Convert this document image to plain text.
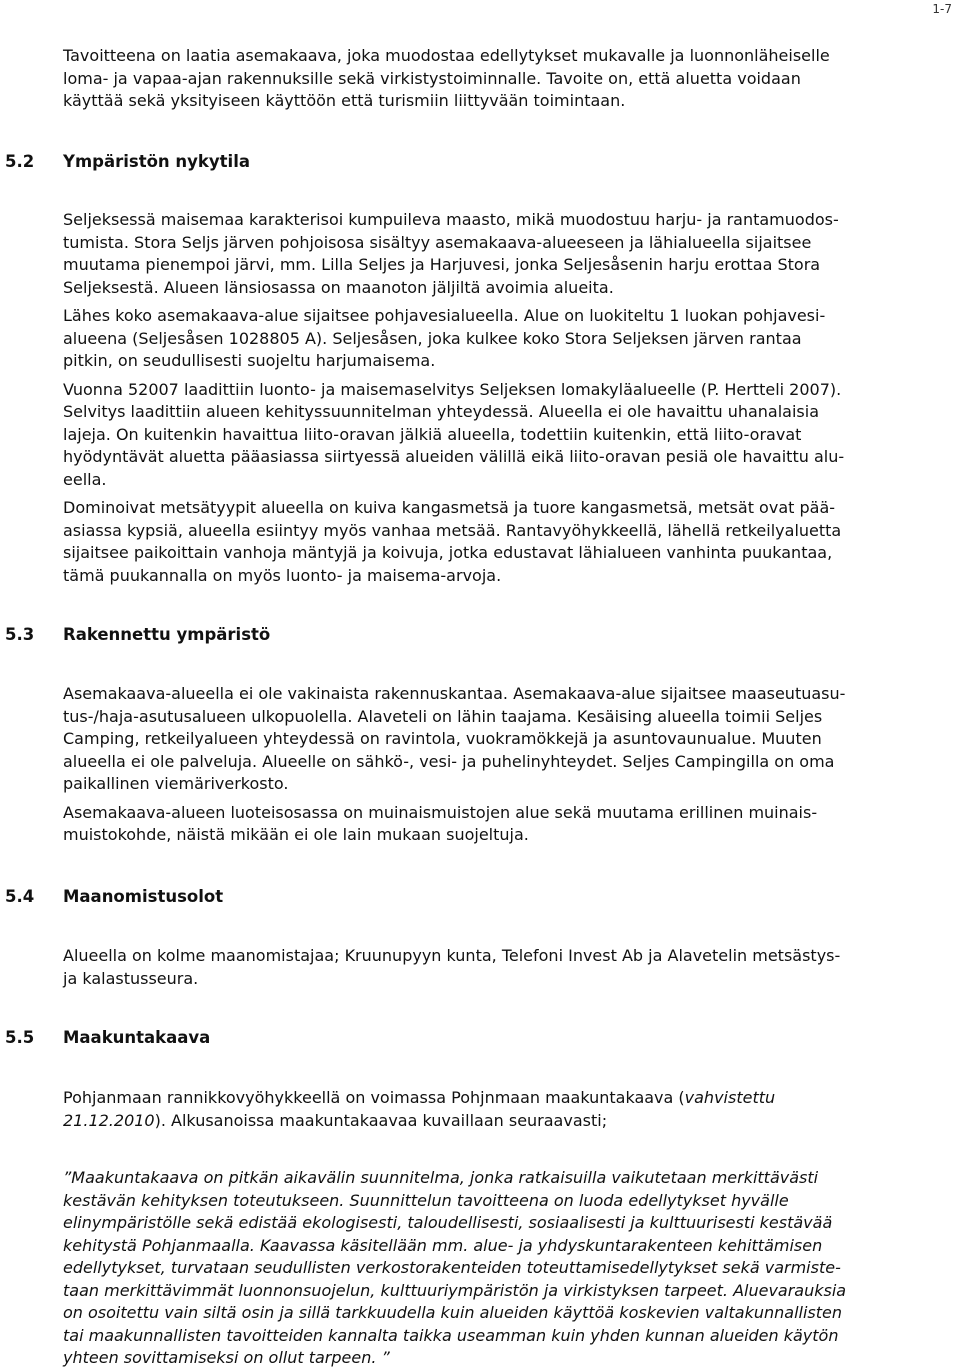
1-7

Tavoitteena on laatia asemakaava, joka muodostaa edellytykset mukavalle ja luonnonläheiselle
loma- ja vapaa-ajan rakennuksille sekä virkistystoiminnalle. Tavoite on, että aluetta voidaan
käyttää sekä yksityiseen käyttöön että turismiin liittyvään toimintaan.

5.2 Ympäristön nykytila

Seljeksessä maisemaa karakterisoi kumpuileva maasto, mikä muodostuu harju- ja rantamuodos-
tumista. Stora Seljs järven pohjoisosa sisältyy asemakaava-alueeseen ja lähialueella sijaitsee
muutama pienempoi järvi, mm. Lilla Seljes ja Harjuvesi, jonka Seljesåsenin harju erottaa Stora
Seljeksestä. Alueen länsiosassa on maanoton jäljiltä avoimia alueita.

Lähes koko asemakaava-alue sijaitsee pohjavesialueella. Alue on luokiteltu 1 luokan pohjavesi-
alueena (Seljesåsen 1028805 A). Seljesåsen, joka kulkee koko Stora Seljeksen järven rantaa
pitkin, on seudullisesti suojeltu harjumaisema.

Vuonna 52007 laadittiin luonto- ja maisemaselvitys Seljeksen lomakyläalueelle (P. Hertteli 2007).
Selvitys laadittiin alueen kehityssuunnitelman yhteydessä. Alueella ei ole havaittu uhanalaisia
lajeja. On kuitenkin havaittua liito-oravan jälkiä alueella, todettiin kuitenkin, että liito-oravat
hyödyntävät aluetta pääasiassa siirtyessä alueiden välillä eikä liito-oravan pesiä ole havaittu alu-
eella.

Dominoivat metsätyypit alueella on kuiva kangasmetsä ja tuore kangasmetsä, metsät ovat pää-
asiassa kypsiä, alueella esiintyy myös vanhaa metsää. Rantavyöhykkeellä, lähellä retkeilyaluetta
sijaitsee paikoittain vanhoja mäntyjä ja koivuja, jotka edustavat lähialueen vanhinta puukantaa,
tämä puukannalla on myös luonto- ja maisema-arvoja.

5.3 Rakennettu ympäristö

Asemakaava-alueella ei ole vakinaista rakennuskantaa. Asemakaava-alue sijaitsee maaseutuasu-
tus-/haja-asutusalueen ulkopuolella. Alaveteli on lähin taajama. Kesäising alueella toimii Seljes
Camping, retkeilyalueen yhteydessä on ravintola, vuokramökkejä ja asuntovaunualue. Muuten
alueella ei ole palveluja. Alueelle on sähkö-, vesi- ja puhelinyhteydet. Seljes Campingilla on oma
paikallinen viemäriverkosto.

Asemakaava-alueen luoteisosassa on muinaismuistojen alue sekä muutama erillinen muinais-
muistokohde, näistä mikään ei ole lain mukaan suojeltuja.

5.4 Maanomistusolot

Alueella on kolme maanomistajaa; Kruunupyyn kunta, Telefoni Invest Ab ja Alavetelin metsästys-
ja kalastusseura.

5.5 Maakuntakaava

Pohjanmaan rannikkovyöhykkeellä on voimassa Pohjnmaan maakuntakaava (vahvistettu
21.12.2010). Alkusanoissa maakuntakaavaa kuvaillaan seuraavasti;

”Maakuntakaava on pitkän aikavälin suunnitelma, jonka ratkaisuilla vaikutetaan merkittävästi
kestävän kehityksen toteutukseen. Suunnittelun tavoitteena on luoda edellytykset hyvälle
elinympäristölle sekä edistää ekologisesti, taloudellisesti, sosiaalisesti ja kulttuurisesti kestävää
kehitystä Pohjanmaalla. Kaavassa käsitellään mm. alue- ja yhdyskuntarakenteen kehittämisen
edellytykset, turvataan seudullisten verkostorakenteiden toteuttamisedellytykset sekä varmiste-
taan merkittävimmät luonnonsuojelun, kulttuuriympäristön ja virkistyksen tarpeet. Aluevarauksia
on osoitettu vain siltä osin ja sillä tarkkuudella kuin alueiden käyttöä koskevien valtakunnallisten
tai maakunnallisten tavoitteiden kannalta taikka useamman kuin yhden kunnan alueiden käytön
yhteen sovittamiseksi on ollut tarpeen. ”
